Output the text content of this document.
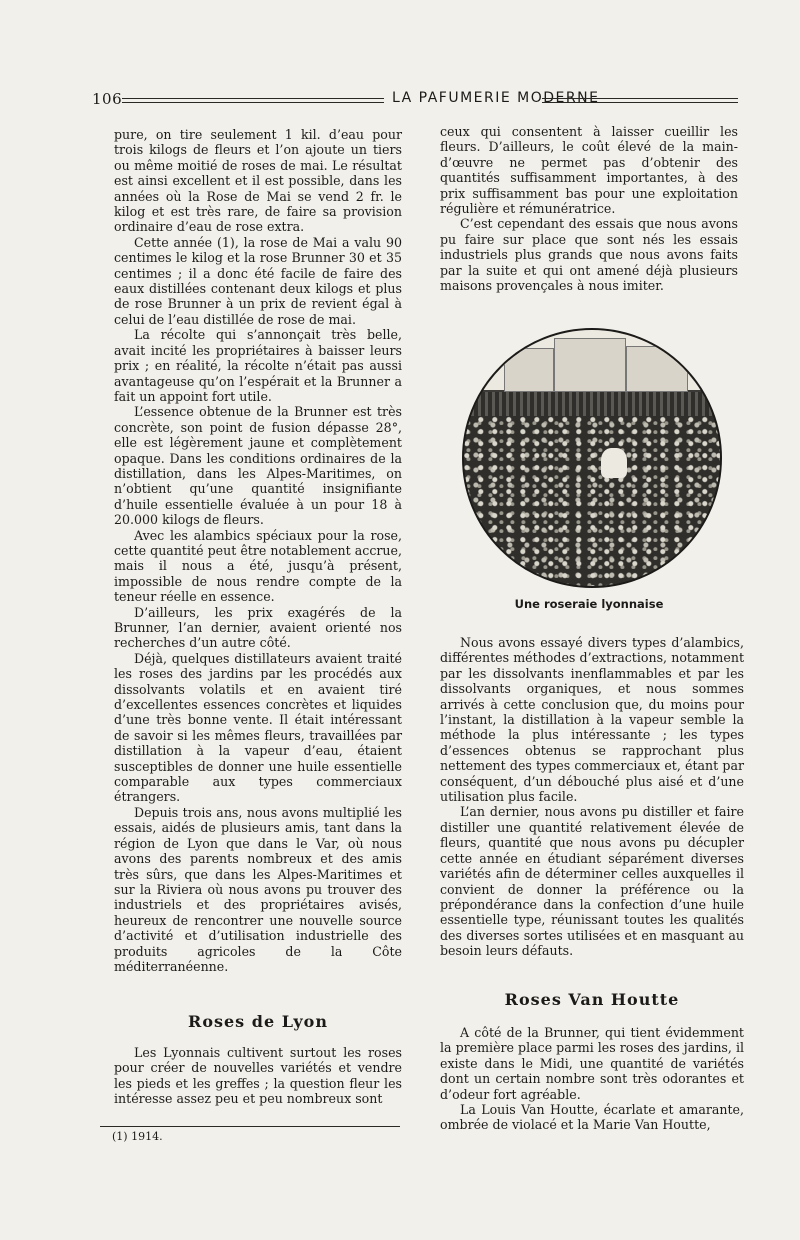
106	LA PAFUMERIE MODERNE

pure, on tire seulement 1 kil. d’eau pour trois kilogs de fleurs et l’on ajoute un tiers ou même moitié de roses de mai. Le résultat est ainsi excellent et il est possible, dans les années où la Rose de Mai se vend 2 fr. le kilog et est très rare, de faire sa provision ordinaire d’eau de rose extra.

Cette année (1), la rose de Mai a valu 90 centimes le kilog et la rose Brunner 30 et 35 centimes ; il a donc été facile de faire des eaux distillées contenant deux kilogs et plus de rose Brunner à un prix de revient égal à celui de l’eau distillée de rose de mai.

La récolte qui s’annonçait très belle, avait incité les propriétaires à baisser leurs prix ; en réalité, la récolte n’était pas aussi avantageuse qu’on l’espérait et la Brunner a fait un appoint fort utile.

L’essence obtenue de la Brunner est très concrète, son point de fusion dépasse 28°, elle est légèrement jaune et complètement opaque. Dans les conditions ordinaires de la distillation, dans les Alpes-Maritimes, on n’obtient qu’une quantité insignifiante d’huile essentielle évaluée à un pour 18 à 20.000 kilogs de fleurs.

Avec les alambics spéciaux pour la rose, cette quantité peut être notablement accrue, mais il nous a été, jusqu’à présent, impossible de nous rendre compte de la teneur réelle en essence.

D’ailleurs, les prix exagérés de la Brunner, l’an dernier, avaient orienté nos recherches d’un autre côté.

Déjà, quelques distillateurs avaient traité les roses des jardins par les procédés aux dissolvants volatils et en avaient tiré d’excellentes essences concrètes et liquides d’une très bonne vente. Il était intéressant de savoir si les mêmes fleurs, travaillées par distillation à la vapeur d’eau, étaient susceptibles de donner une huile essentielle comparable aux types commerciaux étrangers.

Depuis trois ans, nous avons multiplié les essais, aidés de plusieurs amis, tant dans la région de Lyon que dans le Var, où nous avons des parents nombreux et des amis très sûrs, que dans les Alpes-Maritimes et sur la Riviera où nous avons pu trouver des industriels et des propriétaires avisés, heureux de rencontrer une nouvelle source d’activité et d’utilisation industrielle des produits agricoles de la Côte méditerranéenne.

Roses de Lyon

Les Lyonnais cultivent surtout les roses pour créer de nouvelles variétés et vendre les pieds et les greffes ; la question fleur les intéresse assez peu et peu nombreux sont

(1) 1914.

ceux qui consentent à laisser cueillir les fleurs. D’ailleurs, le coût élevé de la main-d’œuvre ne permet pas d’obtenir des quantités suffisamment importantes, à des prix suffisamment bas pour une exploitation régulière et rémunératrice.

C’est cependant des essais que nous avons pu faire sur place que sont nés les essais industriels plus grands que nous avons faits par la suite et qui ont amené déjà plusieurs maisons provençales à nous imiter.

Une roseraie lyonnaise

Nous avons essayé divers types d’alambics, différentes méthodes d’extractions, notamment par les dissolvants inenflammables et par les dissolvants organiques, et nous sommes arrivés à cette conclusion que, du moins pour l’instant, la distillation à la vapeur semble la méthode la plus intéressante ; les types d’essences obtenus se rapprochant plus nettement des types commerciaux et, étant par conséquent, d’un débouché plus aisé et d’une utilisation plus facile.

L’an dernier, nous avons pu distiller et faire distiller une quantité relativement élevée de fleurs, quantité que nous avons pu décupler cette année en étudiant séparément diverses variétés afin de déterminer celles auxquelles il convient de donner la préférence ou la prépondérance dans la confection d’une huile essentielle type, réunissant toutes les qualités des diverses sortes utilisées et en masquant au besoin leurs défauts.

Roses Van Houtte

A côté de la Brunner, qui tient évidemment la première place parmi les roses des jardins, il existe dans le Midi, une quantité de variétés dont un certain nombre sont très odorantes et d’odeur fort agréable.

La Louis Van Houtte, écarlate et amarante, ombrée de violacé et la Marie Van Houtte,
